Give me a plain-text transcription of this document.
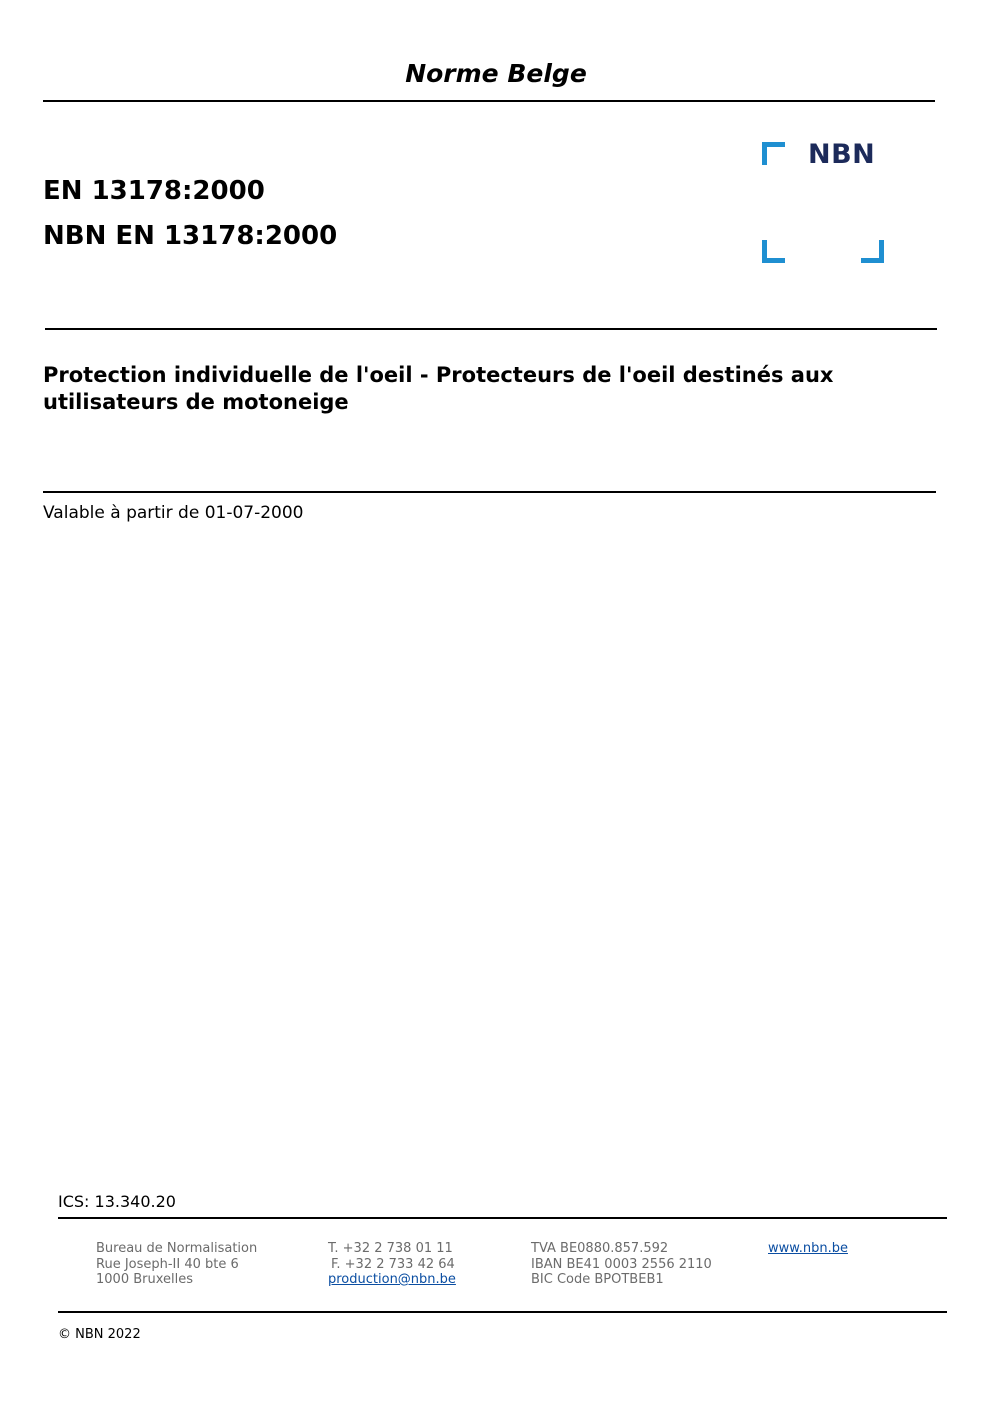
Norme Belge
NBN
EN 13178:2000
NBN EN 13178:2000
Protection individuelle de l'oeil - Protecteurs de l'oeil destinés aux utilisateurs de motoneige
Valable à partir de 01-07-2000
ICS: 13.340.20
Bureau de Normalisation
Rue Joseph-II 40 bte 6
1000 Bruxelles
T. +32 2 738 01 11
F. +32 2 733 42 64
production@nbn.be
TVA BE0880.857.592
IBAN BE41 0003 2556 2110
BIC Code BPOTBEB1
www.nbn.be
© NBN 2022
